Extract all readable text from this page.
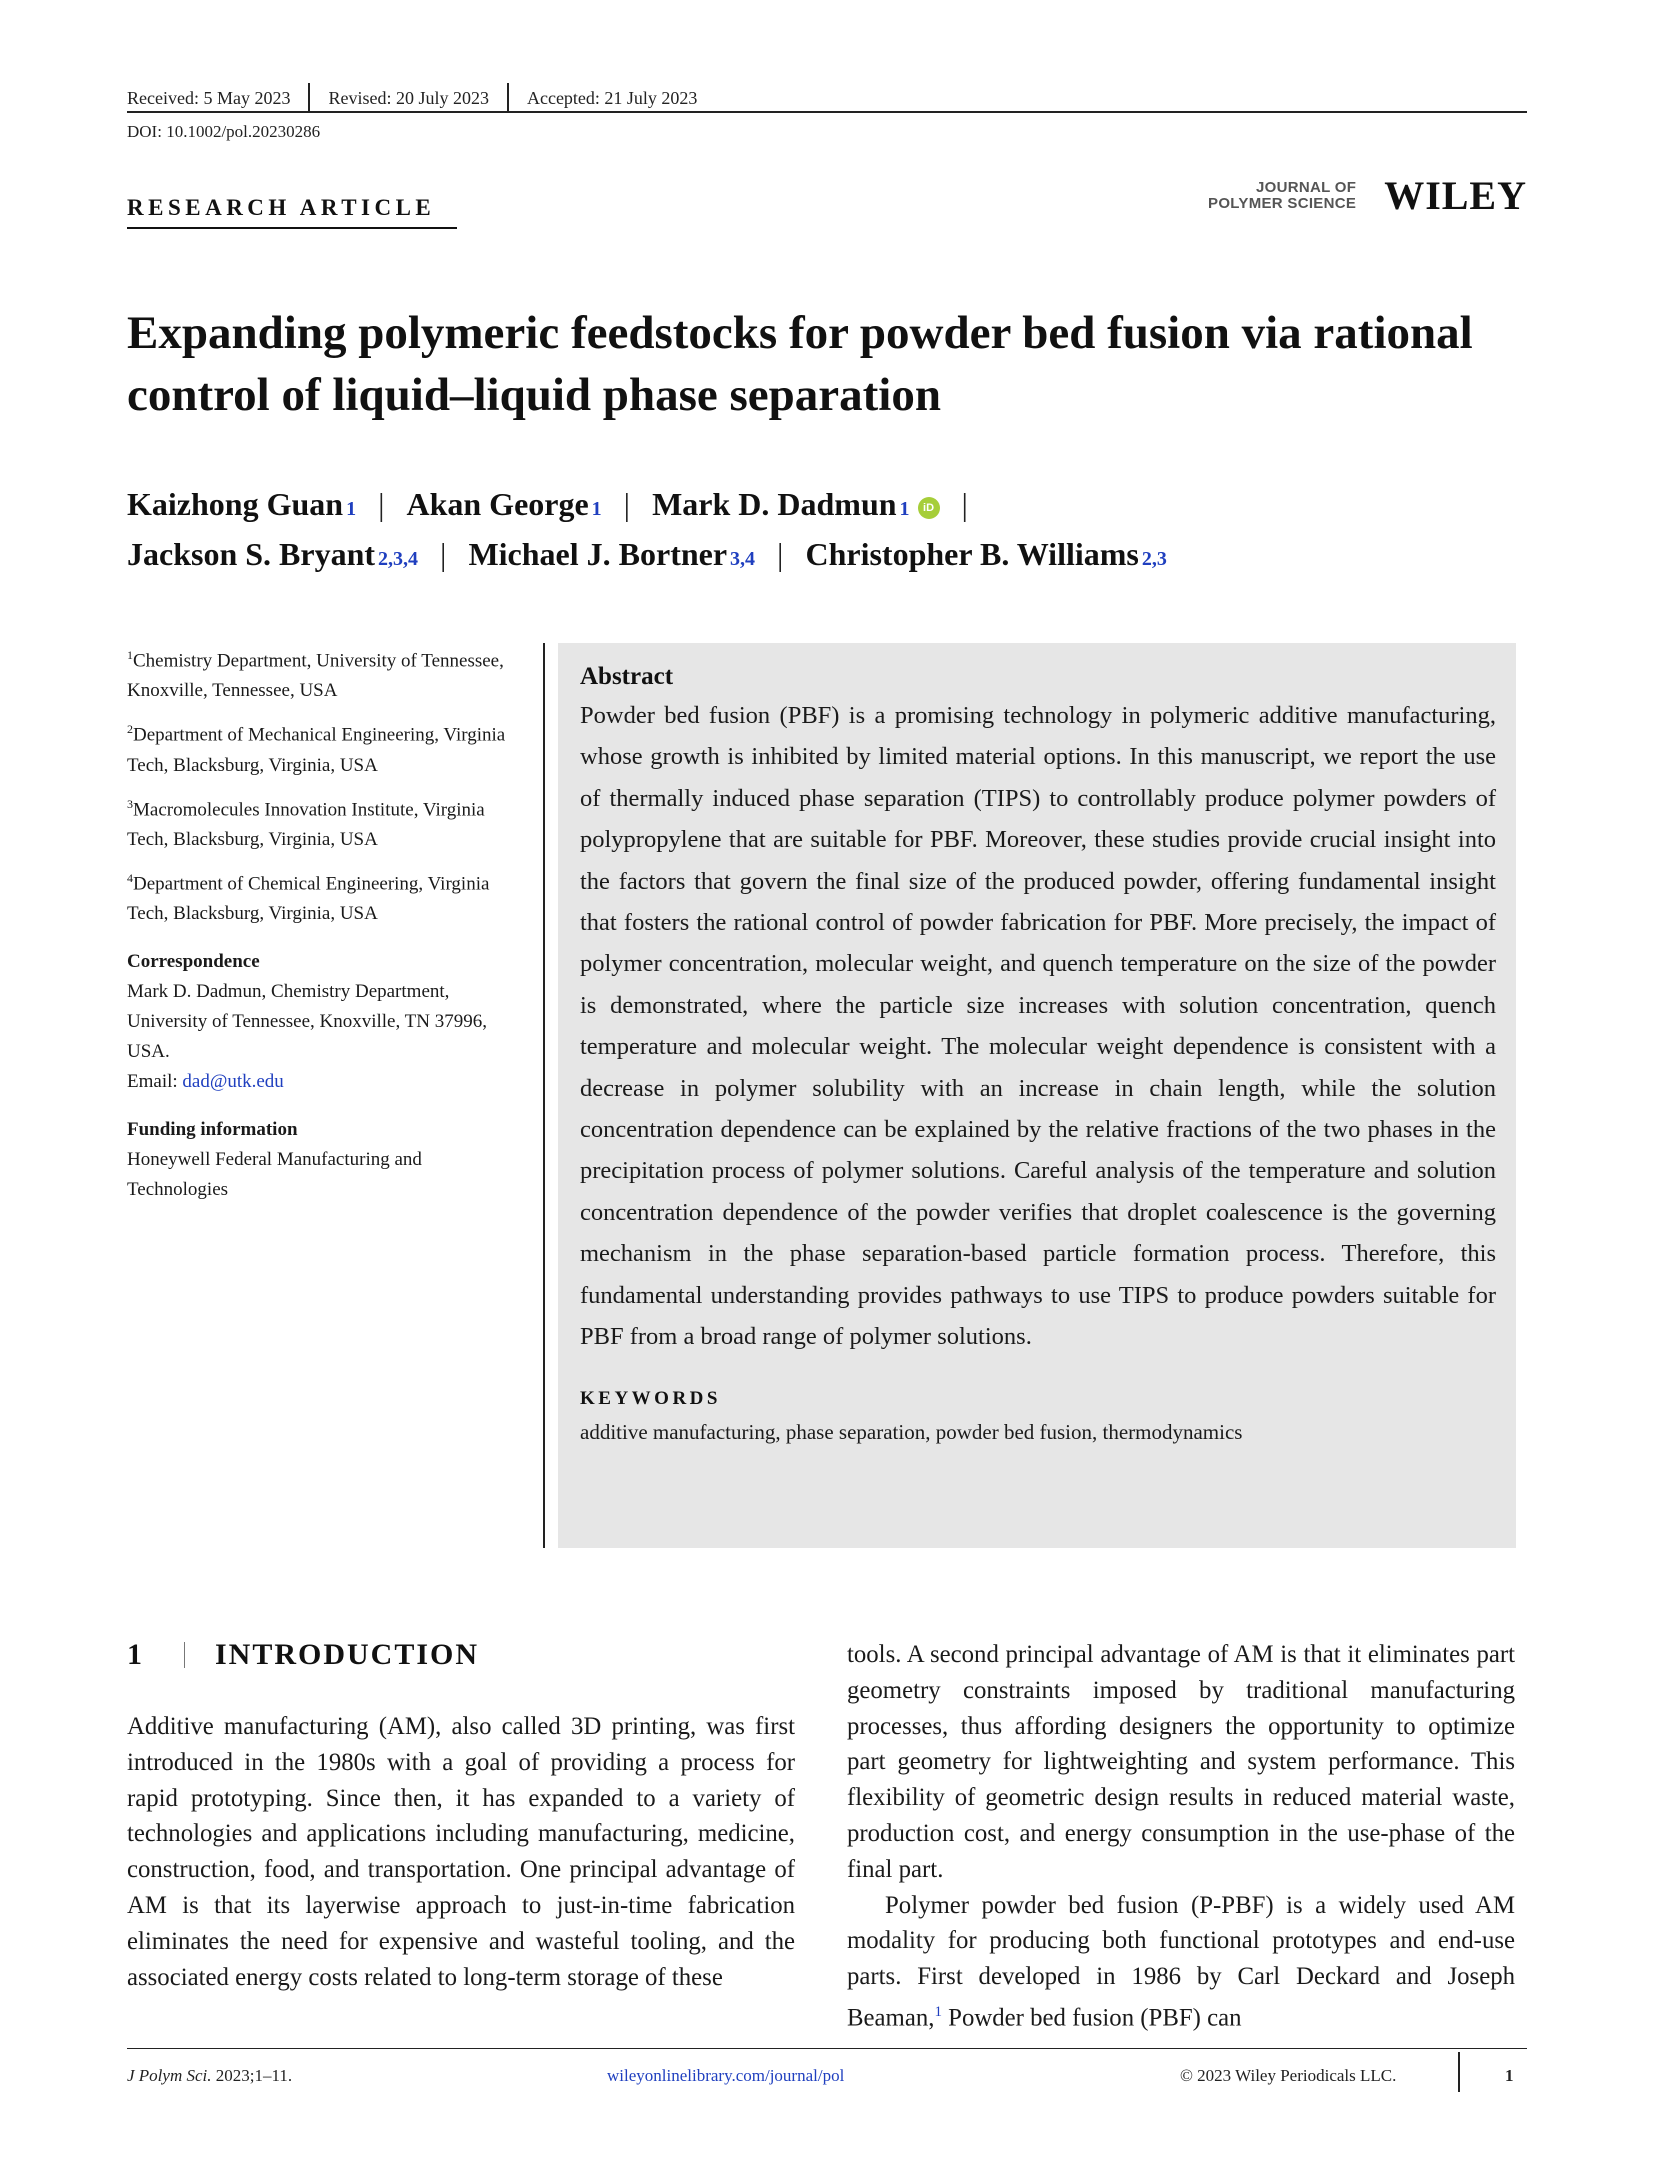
Received: 5 May 2023 Revised: 20 July 2023 Accepted: 21 July 2023
DOI: 10.1002/pol.20230286
RESEARCH ARTICLE
JOURNAL OF
POLYMER SCIENCE WILEY
Expanding polymeric feedstocks for powder bed fusion via rational control of liquid–liquid phase separation
Kaizhong Guan 1 | Akan George 1 | Mark D. Dadmun 1	iD |
Jackson S. Bryant 2,3,4 | Michael J. Bortner 3,4 | Christopher B. Williams 2,3
$^1$Chemistry Department, University of Tennessee, Knoxville, Tennessee, USA
$^2$Department of Mechanical Engineering, Virginia Tech, Blacksburg, Virginia, USA
$^3$Macromolecules Innovation Institute, Virginia Tech, Blacksburg, Virginia, USA
$^4$Department of Chemical Engineering, Virginia Tech, Blacksburg, Virginia, USA
Correspondence
Mark D. Dadmun, Chemistry Department, University of Tennessee, Knoxville, TN 37996, USA.
Email: dad@utk.edu
Funding information
Honeywell Federal Manufacturing and Technologies
Abstract

Powder bed fusion (PBF) is a promising technology in polymeric additive manufacturing, whose growth is inhibited by limited material options. In this manuscript, we report the use of thermally induced phase separation (TIPS) to controllably produce polymer powders of polypropylene that are suitable for PBF. Moreover, these studies provide crucial insight into the factors that govern the final size of the produced powder, offering fundamental insight that fosters the rational control of powder fabrication for PBF. More precisely, the impact of polymer concentration, molecular weight, and quench temperature on the size of the powder is demonstrated, where the particle size increases with solution concentration, quench temperature and molecular weight. The molecular weight dependence is consistent with a decrease in polymer solubility with an increase in chain length, while the solution concentration dependence can be explained by the relative fractions of the two phases in the precipitation process of polymer solutions. Careful analysis of the temperature and solution concentration dependence of the powder verifies that droplet coalescence is the governing mechanism in the phase separation-based particle formation process. Therefore, this fundamental understanding provides pathways to use TIPS to produce powders suitable for PBF from a broad range of polymer solutions.

KEYWORDS
additive manufacturing, phase separation, powder bed fusion, thermodynamics
1 INTRODUCTION

Additive manufacturing (AM), also called 3D printing, was first introduced in the 1980s with a goal of providing a process for rapid prototyping. Since then, it has expanded to a variety of technologies and applications including manufacturing, medicine, construction, food, and transportation. One principal advantage of AM is that its layerwise approach to just-in-time fabrication eliminates the need for expensive and wasteful tooling, and the associated energy costs related to long-term storage of these

tools. A second principal advantage of AM is that it eliminates part geometry constraints imposed by traditional manufacturing processes, thus affording designers the opportunity to optimize part geometry for lightweighting and system performance. This flexibility of geometric design results in reduced material waste, production cost, and energy consumption in the use-phase of the final part.

Polymer powder bed fusion (P-PBF) is a widely used AM modality for producing both functional prototypes and end-use parts. First developed in 1986 by Carl Deckard and Joseph Beaman,$^1$ Powder bed fusion (PBF) can

J Polym Sci. 2023;1–11.	wileyonlinelibrary.com/journal/pol	© 2023 Wiley Periodicals LLC.	1
